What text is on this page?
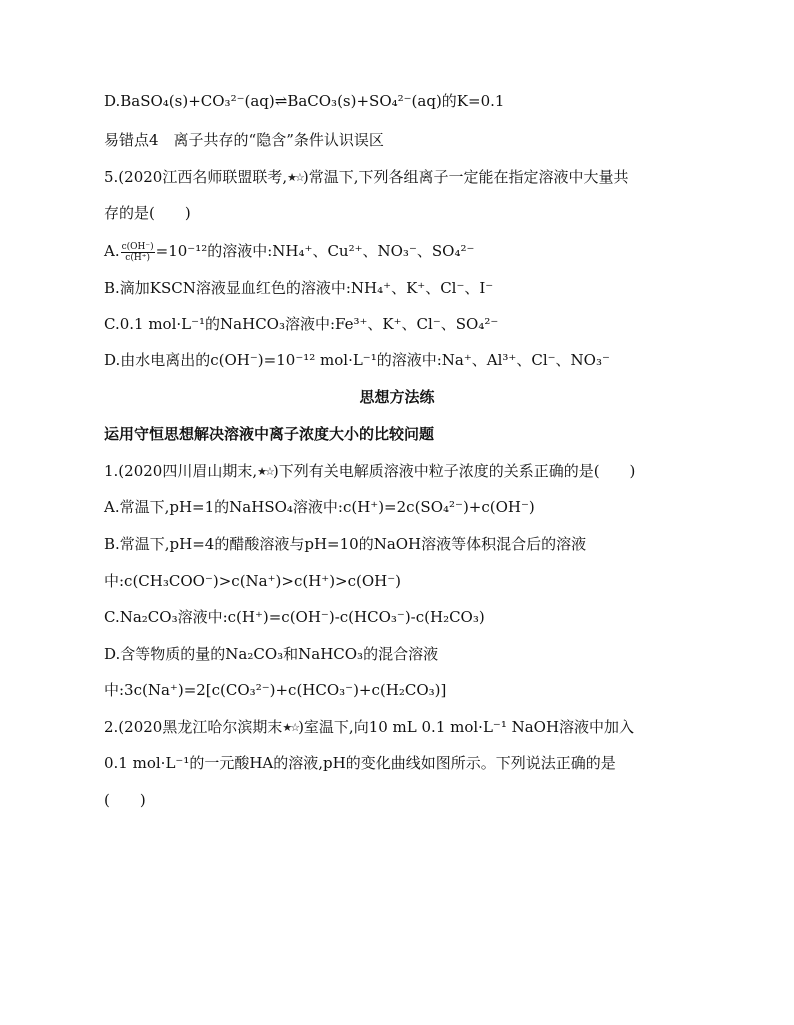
D.BaSO₄(s)+CO₃²⁻(aq)⇌BaCO₃(s)+SO₄²⁻(aq)的K=0.1
易错点4　离子共存的“隐含”条件认识误区
5.(2020江西名师联盟联考,★☆)常温下,下列各组离子一定能在指定溶液中大量共
存的是(　　)
A. $\frac{c(OH^-)}{c(H^+)} =10^{-12}$的溶液中:NH₄⁺、Cu²⁺、NO₃⁻、SO₄²⁻
B.滴加KSCN溶液显血红色的溶液中:NH₄⁺、K⁺、Cl⁻、I⁻
C.0.1 mol·L⁻¹的NaHCO₃溶液中:Fe³⁺、K⁺、Cl⁻、SO₄²⁻
D.由水电离出的c(OH⁻)=10⁻¹² mol·L⁻¹的溶液中:Na⁺、Al³⁺、Cl⁻、NO₃⁻
思想方法练
运用守恒思想解决溶液中离子浓度大小的比较问题
1.(2020四川眉山期末,★☆)下列有关电解质溶液中粒子浓度的关系正确的是(　　)
A.常温下,pH=1的NaHSO₄溶液中:c(H⁺)=2c(SO₄²⁻)+c(OH⁻)
B.常温下,pH=4的醋酸溶液与pH=10的NaOH溶液等体积混合后的溶液
中:c(CH₃COO⁻)>c(Na⁺)>c(H⁺)>c(OH⁻)
C.Na₂CO₃溶液中:c(H⁺)=c(OH⁻)-c(HCO₃⁻)-c(H₂CO₃)
D.含等物质的量的Na₂CO₃和NaHCO₃的混合溶液
中:3c(Na⁺)=2[c(CO₃²⁻)+c(HCO₃⁻)+c(H₂CO₃)]
2.(2020黑龙江哈尔滨期末★☆)室温下,向10 mL 0.1 mol·L⁻¹ NaOH溶液中加入
0.1 mol·L⁻¹的一元酸HA的溶液,pH的变化曲线如图所示。下列说法正确的是
(　　)
